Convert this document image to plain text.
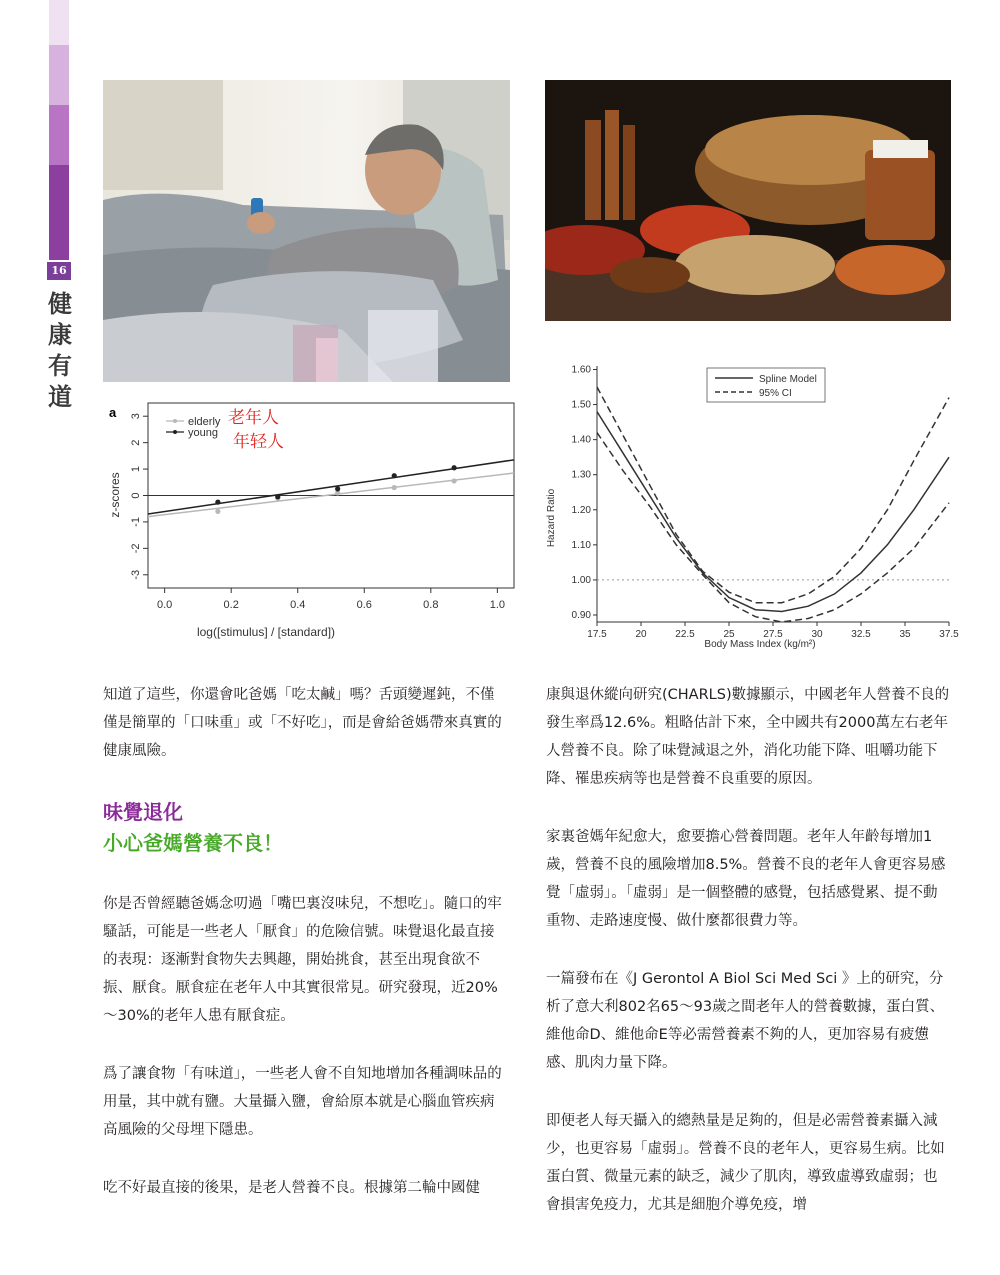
16
健
康
有
道
a
log([stimulus] / [standard])
z-scores
0.0	0.2	0.4	0.6	0.8	1.0
-3
-2
-1
0
1
2
3	elderly
young
老年人
年轻人
Hazard Ratio
Body Mass Index (kg/m²)
17.5	20	22.5	25	27.5	30	32.5	35	37.5
0.90
1.00
1.10
1.20
1.30
1.40
1.50
1.60
Spline Model
95% CI

知道了這些，你還會叱爸媽「吃太鹹」嗎？舌頭變遲鈍，不僅僅是簡單的「口味重」或「不好吃」，而是會給爸媽帶來真實的健康風險。

味覺退化
小心爸媽營養不良！

你是否曾經聽爸媽念叨過「嘴巴裏沒味兒，不想吃」。隨口的牢騷話，可能是一些老人「厭食」的危險信號。味覺退化最直接的表現：逐漸對食物失去興趣，開始挑食，甚至出現食欲不振、厭食。厭食症在老年人中其實很常見。研究發現，近20%～30%的老年人患有厭食症。

爲了讓食物「有味道」，一些老人會不自知地增加各種調味品的用量，其中就有鹽。大量攝入鹽，會給原本就是心腦血管疾病高風險的父母埋下隱患。

吃不好最直接的後果，是老人營養不良。根據第二輪中國健

康與退休縱向研究(CHARLS)數據顯示，中國老年人營養不良的發生率爲12.6%。粗略估計下來，全中國共有2000萬左右老年人營養不良。除了味覺減退之外，消化功能下降、咀嚼功能下降、罹患疾病等也是營養不良重要的原因。

家裏爸媽年紀愈大，愈要擔心營養問題。老年人年齡每增加1歲，營養不良的風險增加8.5%。營養不良的老年人會更容易感覺「虛弱」。「虛弱」是一個整體的感覺，包括感覺累、提不動重物、走路速度慢、做什麼都很費力等。

一篇發布在《J Gerontol A Biol Sci Med Sci 》上的研究，分析了意大利802名65～93歲之間老年人的營養數據，蛋白質、維他命D、維他命E等必需營養素不夠的人，更加容易有疲憊感、肌肉力量下降。

即便老人每天攝入的總熱量是足夠的，但是必需營養素攝入減少，也更容易「虛弱」。營養不良的老年人，更容易生病。比如蛋白質、微量元素的缺乏，減少了肌肉，導致虛導致虛弱；也會損害免疫力，尤其是細胞介導免疫，增
